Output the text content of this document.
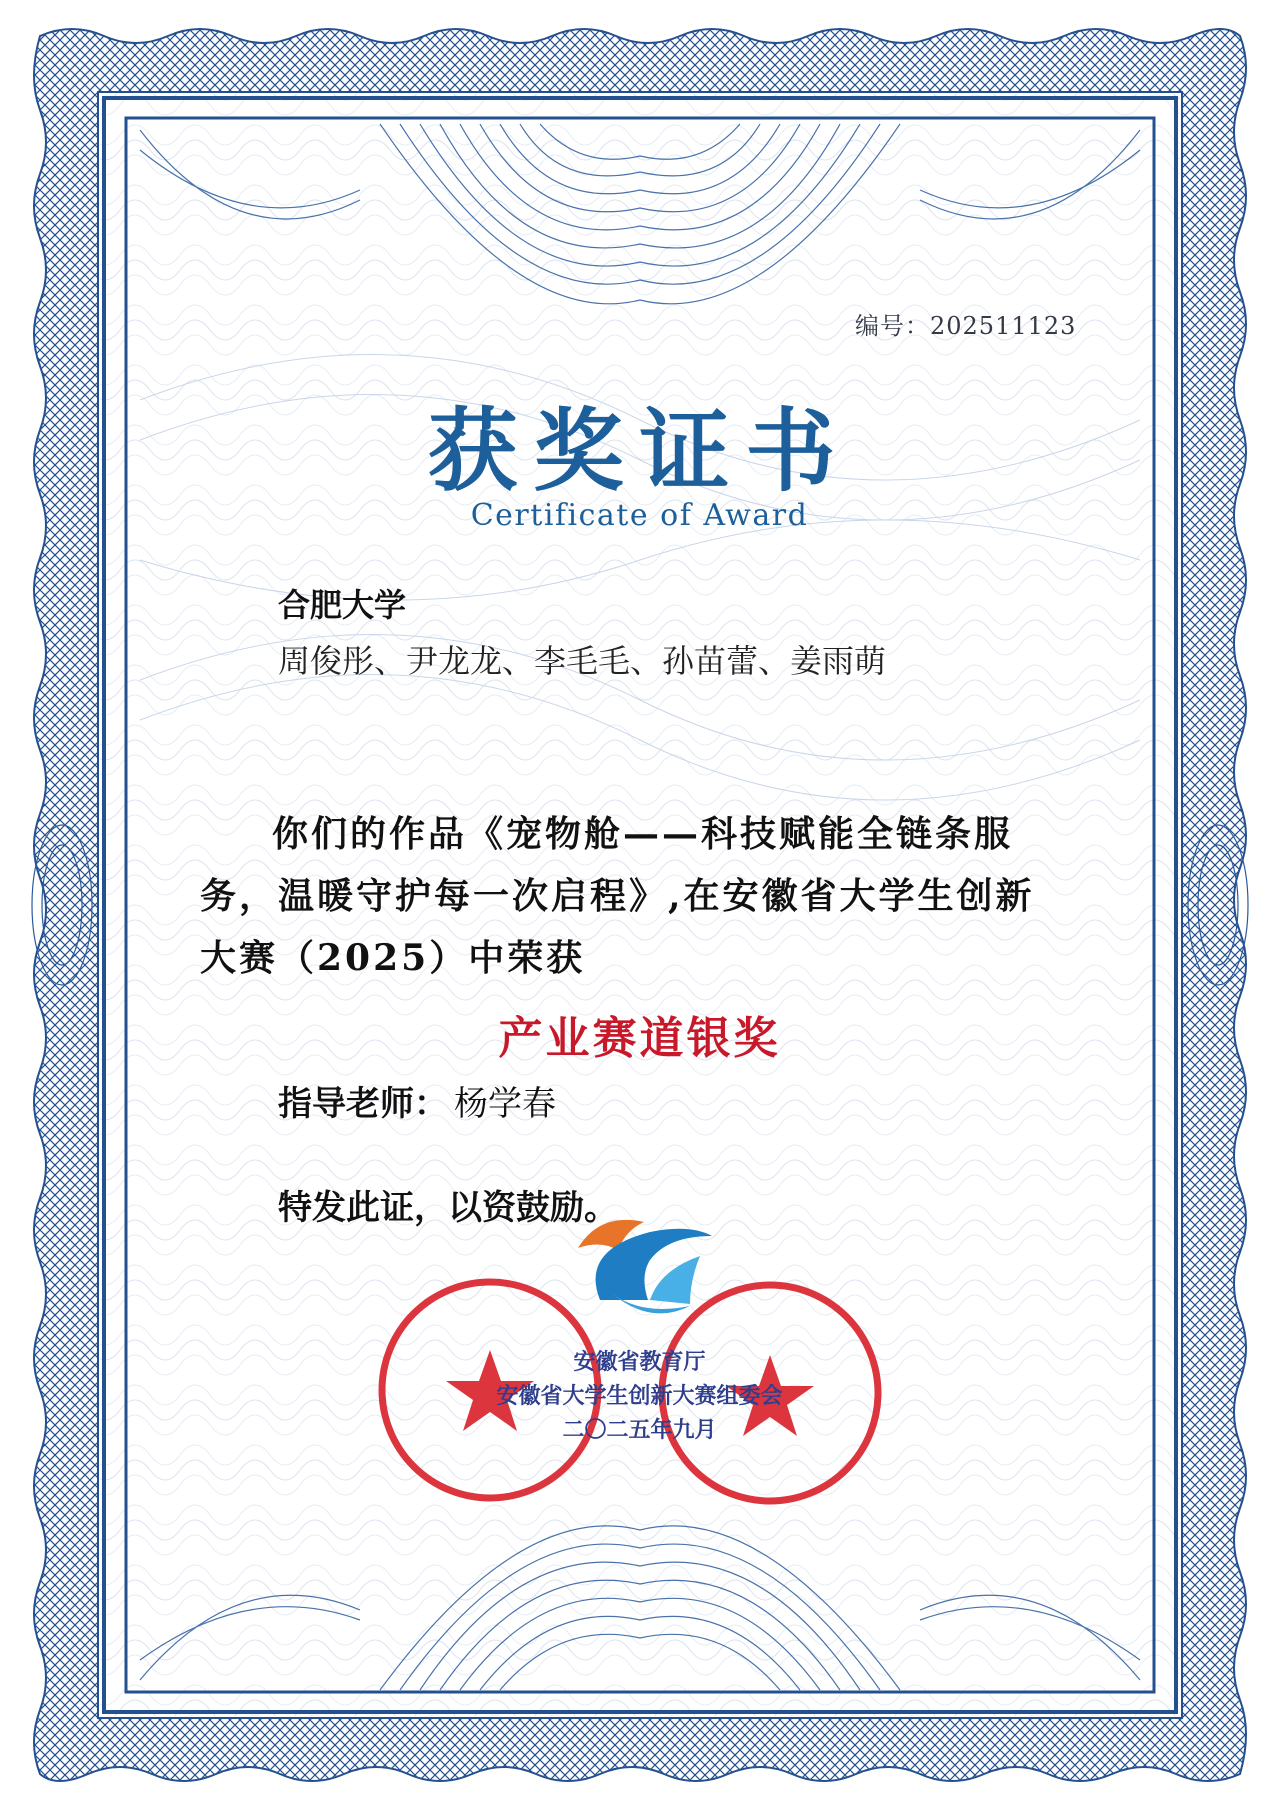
编号：202511123
获奖证书
Certificate of Award
合肥大学
周俊彤、尹龙龙、李毛毛、孙苗蕾、姜雨萌
你们的作品《宠物舱——科技赋能全链条服
务，温暖守护每一次启程》,在安徽省大学生创新
大赛（2025）中荣获
产业赛道银奖
指导老师： 杨学春
特发此证，以资鼓励。
安徽省教育厅
安徽省大学生创新大赛组委会
二〇二五年九月
